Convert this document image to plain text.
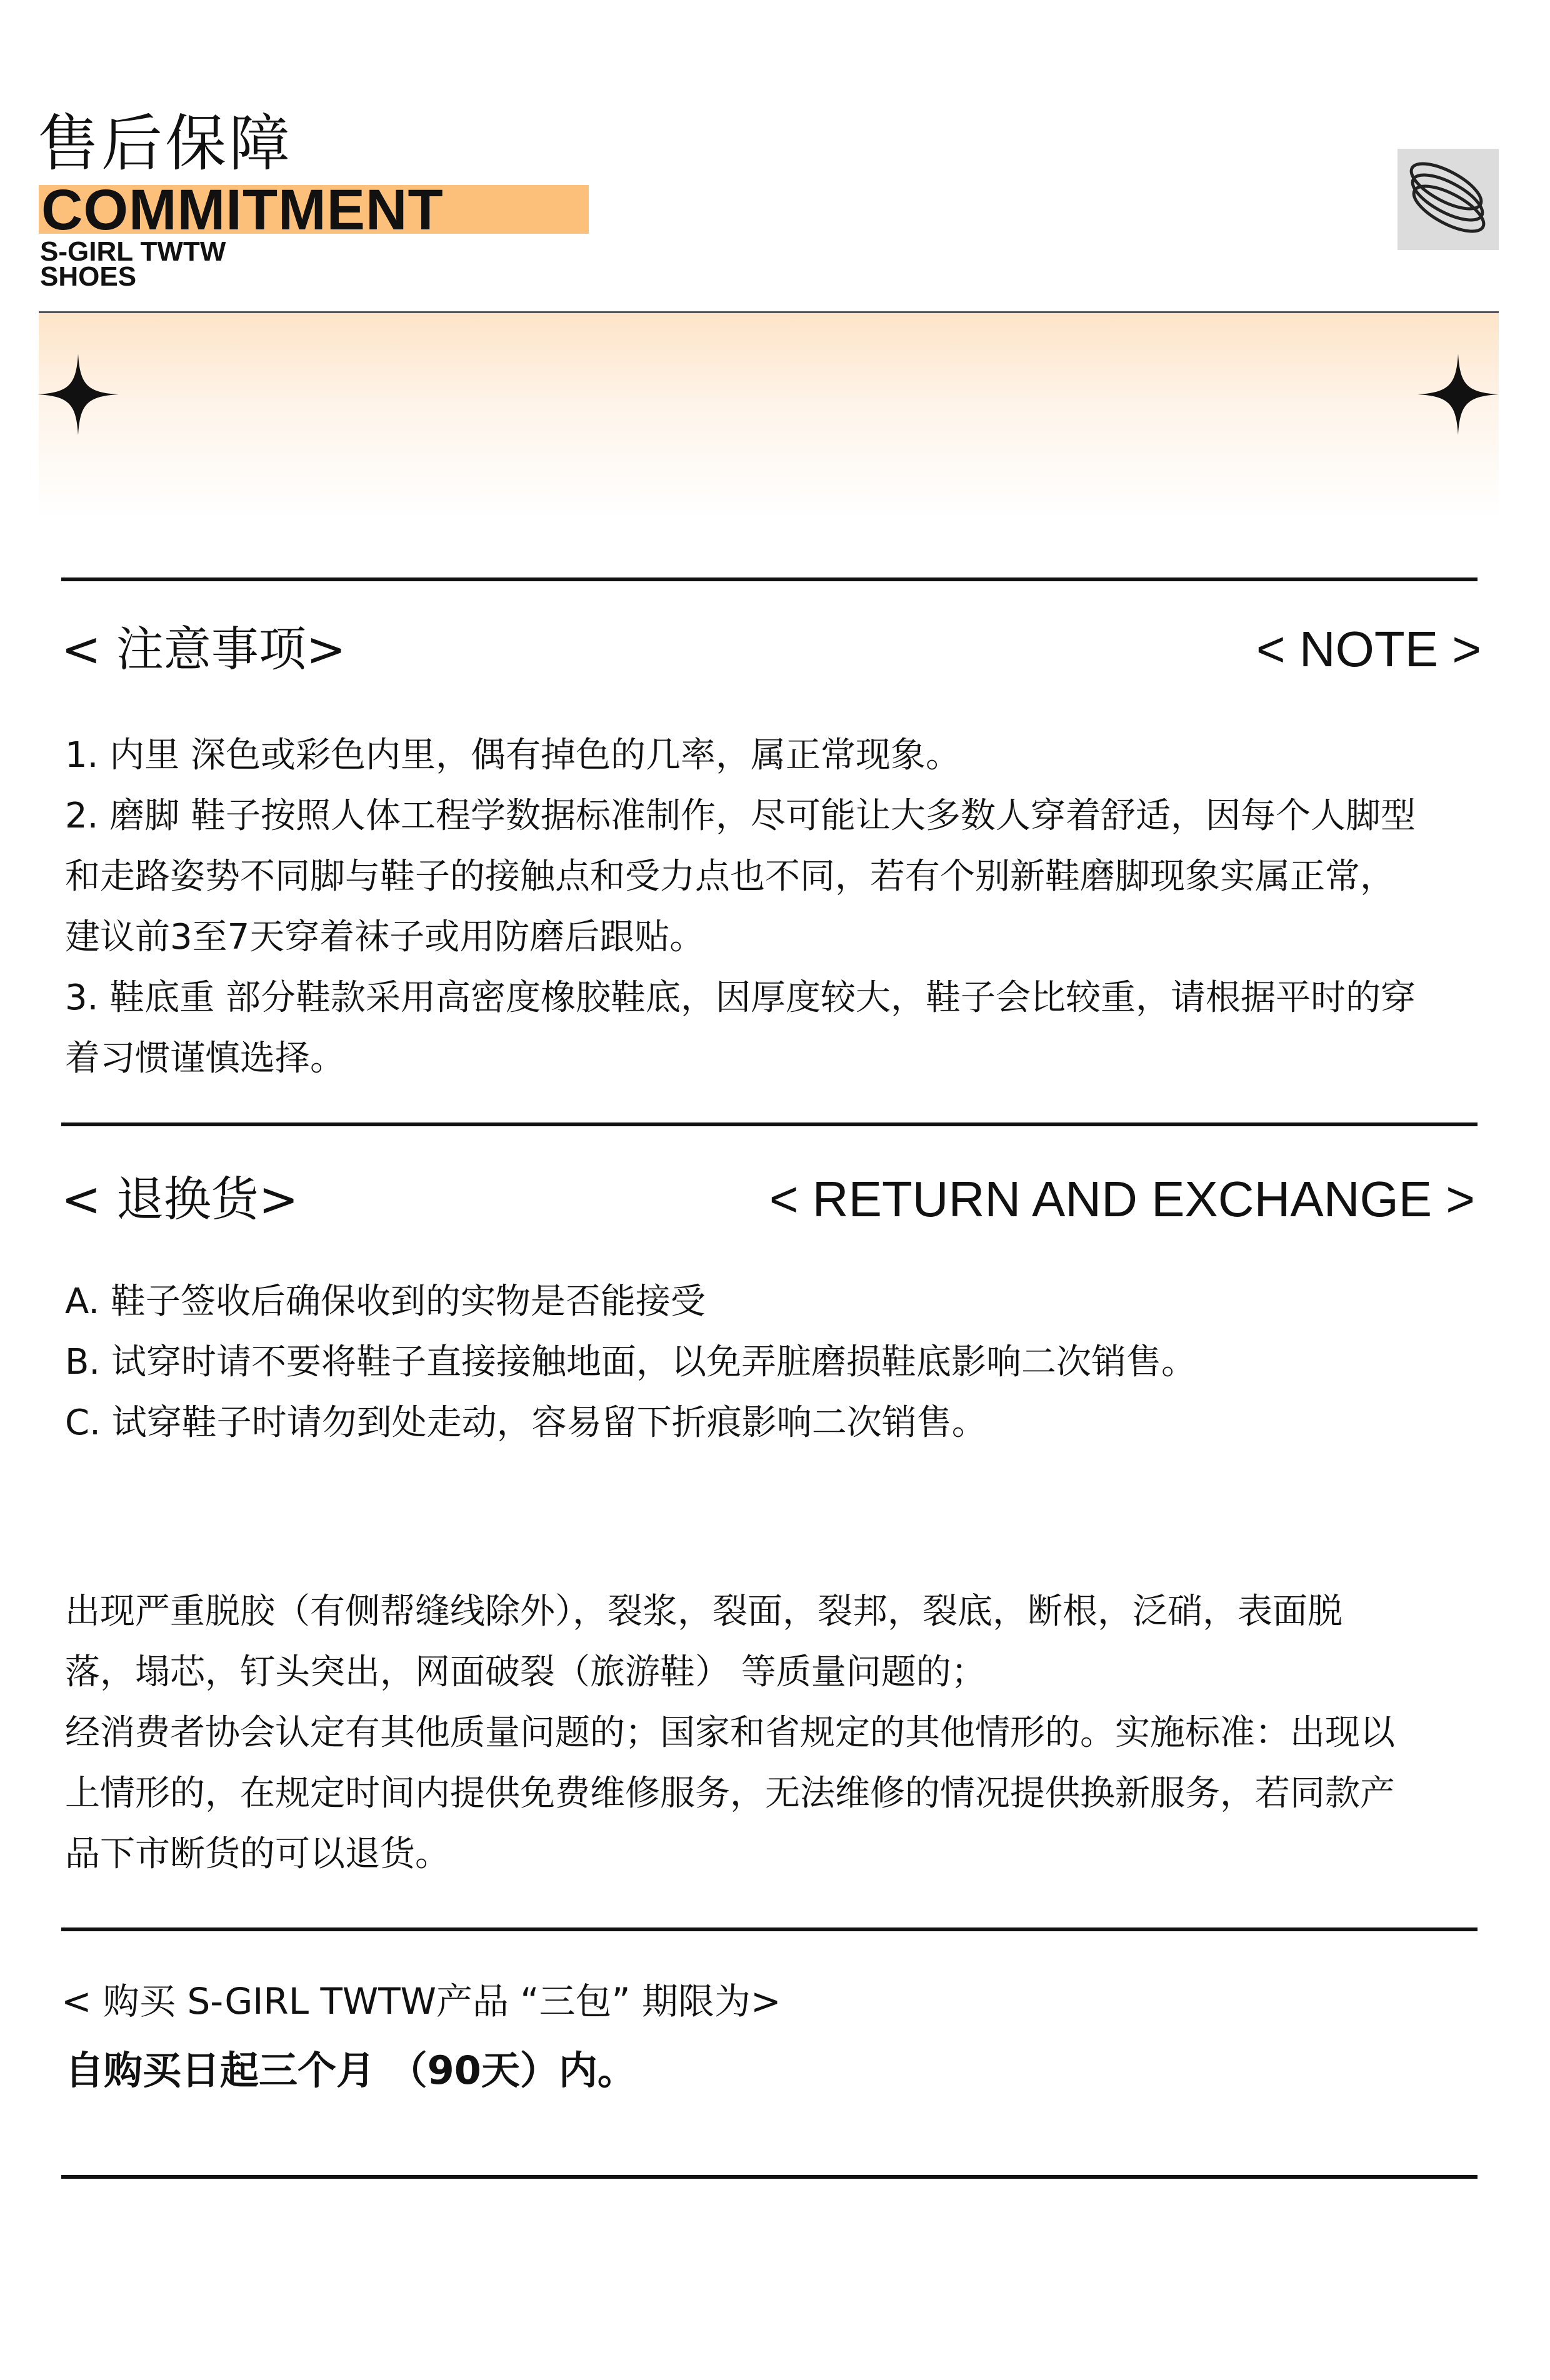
售后保障
COMMITMENT
S-GIRL TWTW
SHOES
< 注意事项>	< NOTE >
1. 内里 深色或彩色内里，偶有掉色的几率，属正常现象。
2. 磨脚 鞋子按照人体工程学数据标准制作，尽可能让大多数人穿着舒适，因每个人脚型
和走路姿势不同脚与鞋子的接触点和受力点也不同，若有个别新鞋磨脚现象实属正常，
建议前3至7天穿着袜子或用防磨后跟贴。
3. 鞋底重 部分鞋款采用高密度橡胶鞋底，因厚度较大，鞋子会比较重，请根据平时的穿
着习惯谨慎选择。
< 退换货>	< RETURN AND EXCHANGE >
A. 鞋子签收后确保收到的实物是否能接受
B. 试穿时请不要将鞋子直接接触地面，以免弄脏磨损鞋底影响二次销售。
C. 试穿鞋子时请勿到处走动，容易留下折痕影响二次销售。
出现严重脱胶（有侧帮缝线除外），裂浆，裂面，裂邦，裂底，断根，泛硝，表面脱
落，塌芯，钉头突出，网面破裂（旅游鞋） 等质量问题的；
经消费者协会认定有其他质量问题的；国家和省规定的其他情形的。实施标准：出现以
上情形的，在规定时间内提供免费维修服务，无法维修的情况提供换新服务，若同款产
品下市断货的可以退货。
< 购买 S-GIRL TWTW产品 “三包” 期限为>
自购买日起三个月 （90天）内。
